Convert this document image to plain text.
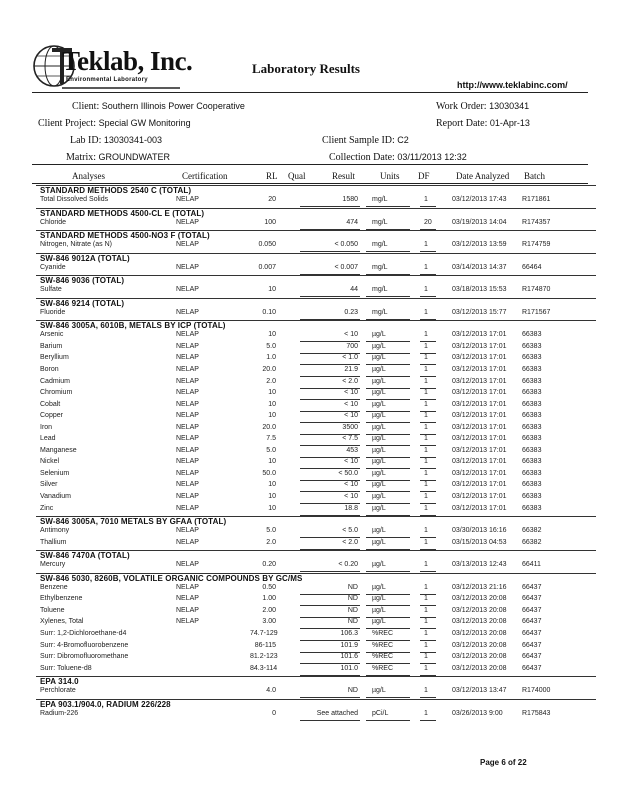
Teklab, Inc.
Environmental Laboratory
Laboratory Results
http://www.teklabinc.com/
Client: Southern Illinois Power Cooperative	Work Order: 13030341
Client Project: Special GW Monitoring	Report Date: 01-Apr-13
Lab ID: 13030341-003	Client Sample ID: C2
Matrix: GROUNDWATER	Collection Date: 03/11/2013 12:32
Analyses	Certification	RL Qual	Result	Units DF	Date Analyzed Batch
STANDARD METHODS 2540 C (TOTAL)
Total Dissolved Solids	NELAP	20	1580 mg/L	1	03/12/2013 17:43	R171861
STANDARD METHODS 4500-CL E (TOTAL)
Chloride	NELAP	100	474 mg/L	20	03/19/2013 14:04	R174357
STANDARD METHODS 4500-NO3 F (TOTAL)
Nitrogen, Nitrate (as N)	NELAP	0.050	< 0.050 mg/L	1	03/12/2013 13:59	R174759
SW-846 9012A (TOTAL)
Cyanide	NELAP	0.007	< 0.007 mg/L	1	03/14/2013 14:37	66464
SW-846 9036 (TOTAL)
Sulfate	NELAP	10	44 mg/L	1	03/18/2013 15:53	R174870
SW-846 9214 (TOTAL)
Fluoride	NELAP	0.10	0.23 mg/L	1	03/12/2013 15:77	R171567
SW-846 3005A, 6010B, METALS BY ICP (TOTAL)
Arsenic	NELAP	10	< 10 µg/L	1	03/12/2013 17:01	66383
Barium	NELAP	5.0	700 µg/L	1	03/12/2013 17:01	66383
Beryllium	NELAP	1.0	< 1.0 µg/L	1	03/12/2013 17:01	66383
Boron	NELAP	20.0	21.9 µg/L	1	03/12/2013 17:01	66383
Cadmium	NELAP	2.0	< 2.0 µg/L	1	03/12/2013 17:01	66383
Chromium	NELAP	10	< 10 µg/L	1	03/12/2013 17:01	66383
Cobalt	NELAP	10	< 10 µg/L	1	03/12/2013 17:01	66383
Copper	NELAP	10	< 10 µg/L	1	03/12/2013 17:01	66383
Iron	NELAP	20.0	3500 µg/L	1	03/12/2013 17:01	66383
Lead	NELAP	7.5	< 7.5 µg/L	1	03/12/2013 17:01	66383
Manganese	NELAP	5.0	453 µg/L	1	03/12/2013 17:01	66383
Nickel	NELAP	10	< 10 µg/L	1	03/12/2013 17:01	66383
Selenium	NELAP	50.0	< 50.0 µg/L	1	03/12/2013 17:01	66383
Silver	NELAP	10	< 10 µg/L	1	03/12/2013 17:01	66383
Vanadium	NELAP	10	< 10 µg/L	1	03/12/2013 17:01	66383
Zinc	NELAP	10	18.8 µg/L	1	03/12/2013 17:01	66383
SW-846 3005A, 7010 METALS BY GFAA (TOTAL)
Antimony	NELAP	5.0	< 5.0 µg/L	1	03/30/2013 16:16	66382
Thallium	NELAP	2.0	< 2.0 µg/L	1	03/15/2013 04:53	66382
SW-846 7470A (TOTAL)
Mercury	NELAP	0.20	< 0.20 µg/L	1	03/13/2013 12:43	66411
SW-846 5030, 8260B, VOLATILE ORGANIC COMPOUNDS BY GC/MS
Benzene	NELAP	0.50	ND µg/L	1	03/12/2013 21:16	66437
Ethylbenzene	NELAP	1.00	ND µg/L	1	03/12/2013 20:08	66437
Toluene	NELAP	2.00	ND µg/L	1	03/12/2013 20:08	66437
Xylenes, Total	NELAP	3.00	ND µg/L	1	03/12/2013 20:08	66437
Surr: 1,2-Dichloroethane-d4	74.7-129	106.3 %REC	1	03/12/2013 20:08	66437
Surr: 4-Bromofluorobenzene	86-115	101.9 %REC	1	03/12/2013 20:08	66437
Surr: Dibromofluoromethane	81.2-123	101.6 %REC	1	03/12/2013 20:08	66437
Surr: Toluene-d8	84.3-114	101.0 %REC	1	03/12/2013 20:08	66437
EPA 314.0
Perchlorate	4.0	ND µg/L	1	03/12/2013 13:47	R174000
EPA 903.1/904.0, RADIUM 226/228
Radium-226	0	See attached pCi/L	1	03/26/2013 9:00	R175843
Page 6 of 22
